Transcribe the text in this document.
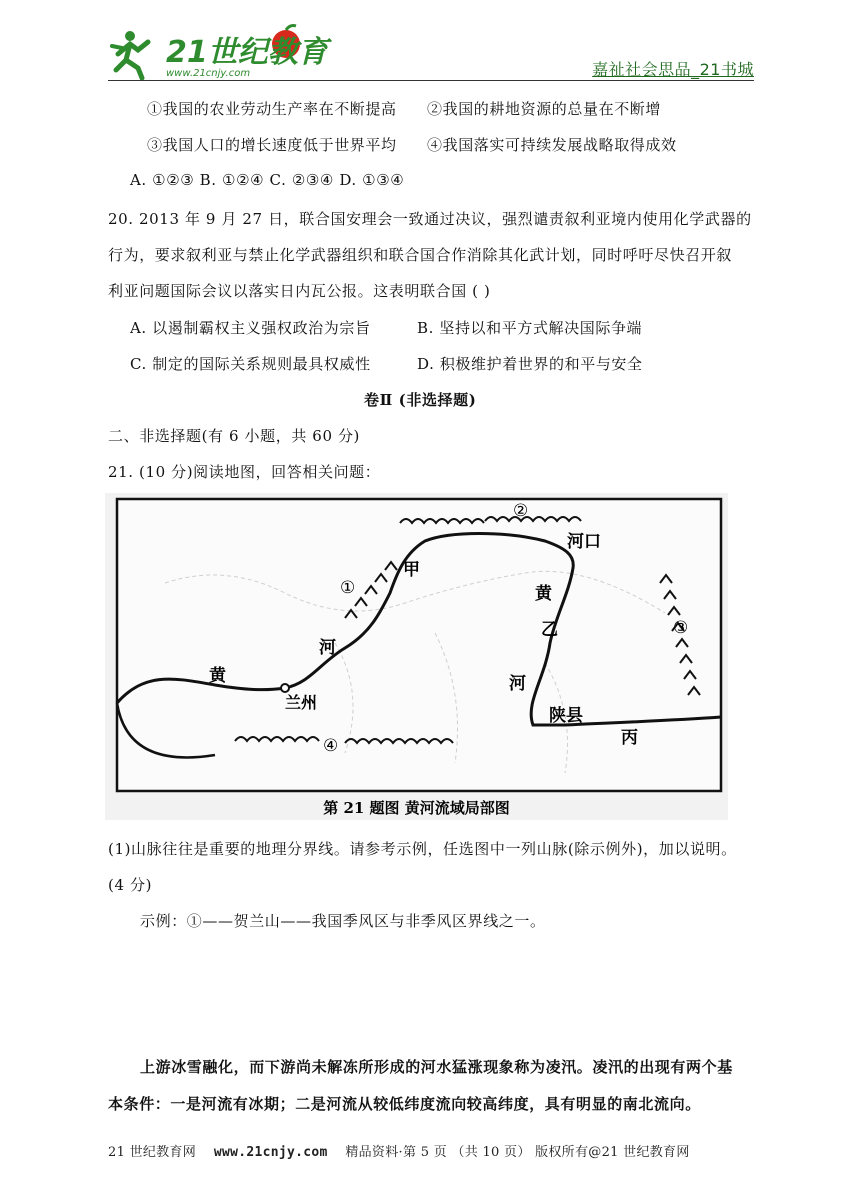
21世纪教育
www.21cnjy.com	嘉祉社会思品_21书城
①我国的农业劳动生产率在不断提高 ②我国的耕地资源的总量在不断增
③我国人口的增长速度低于世界平均 ④我国落实可持续发展战略取得成效
A. ①②③ B. ①②④ C. ②③④ D. ①③④
20. 2013 年 9 月 27 日，联合国安理会一致通过决议，强烈谴责叙利亚境内使用化学武器的
行为，要求叙利亚与禁止化学武器组织和联合国合作消除其化武计划，同时呼吁尽快召开叙
利亚问题国际会议以落实日内瓦公报。这表明联合国 ( )
A. 以遏制霸权主义强权政治为宗旨	B. 坚持以和平方式解决国际争端
C. 制定的国际关系规则最具权威性	D. 积极维护着世界的和平与安全
卷Ⅱ (非选择题)
二、非选择题(有 6 小题，共 60 分)
21. (10 分)阅读地图，回答相关问题：
②
①
③
④
甲
乙
丙
河口
兰州
陕县
黄
河
黄
河
第 21 题图 黄河流域局部图
(1)山脉往往是重要的地理分界线。请参考示例，任选图中一列山脉(除示例外)，加以说明。
(4 分)
示例：①——贺兰山——我国季风区与非季风区界线之一。
上游冰雪融化，而下游尚未解冻所形成的河水猛涨现象称为凌汛。凌汛的出现有两个基
本条件：一是河流有冰期；二是河流从较低纬度流向较高纬度，具有明显的南北流向。
21 世纪教育网 www.21cnjy.com 精品资料·第 5 页 （共 10 页） 版权所有@21 世纪教育网
